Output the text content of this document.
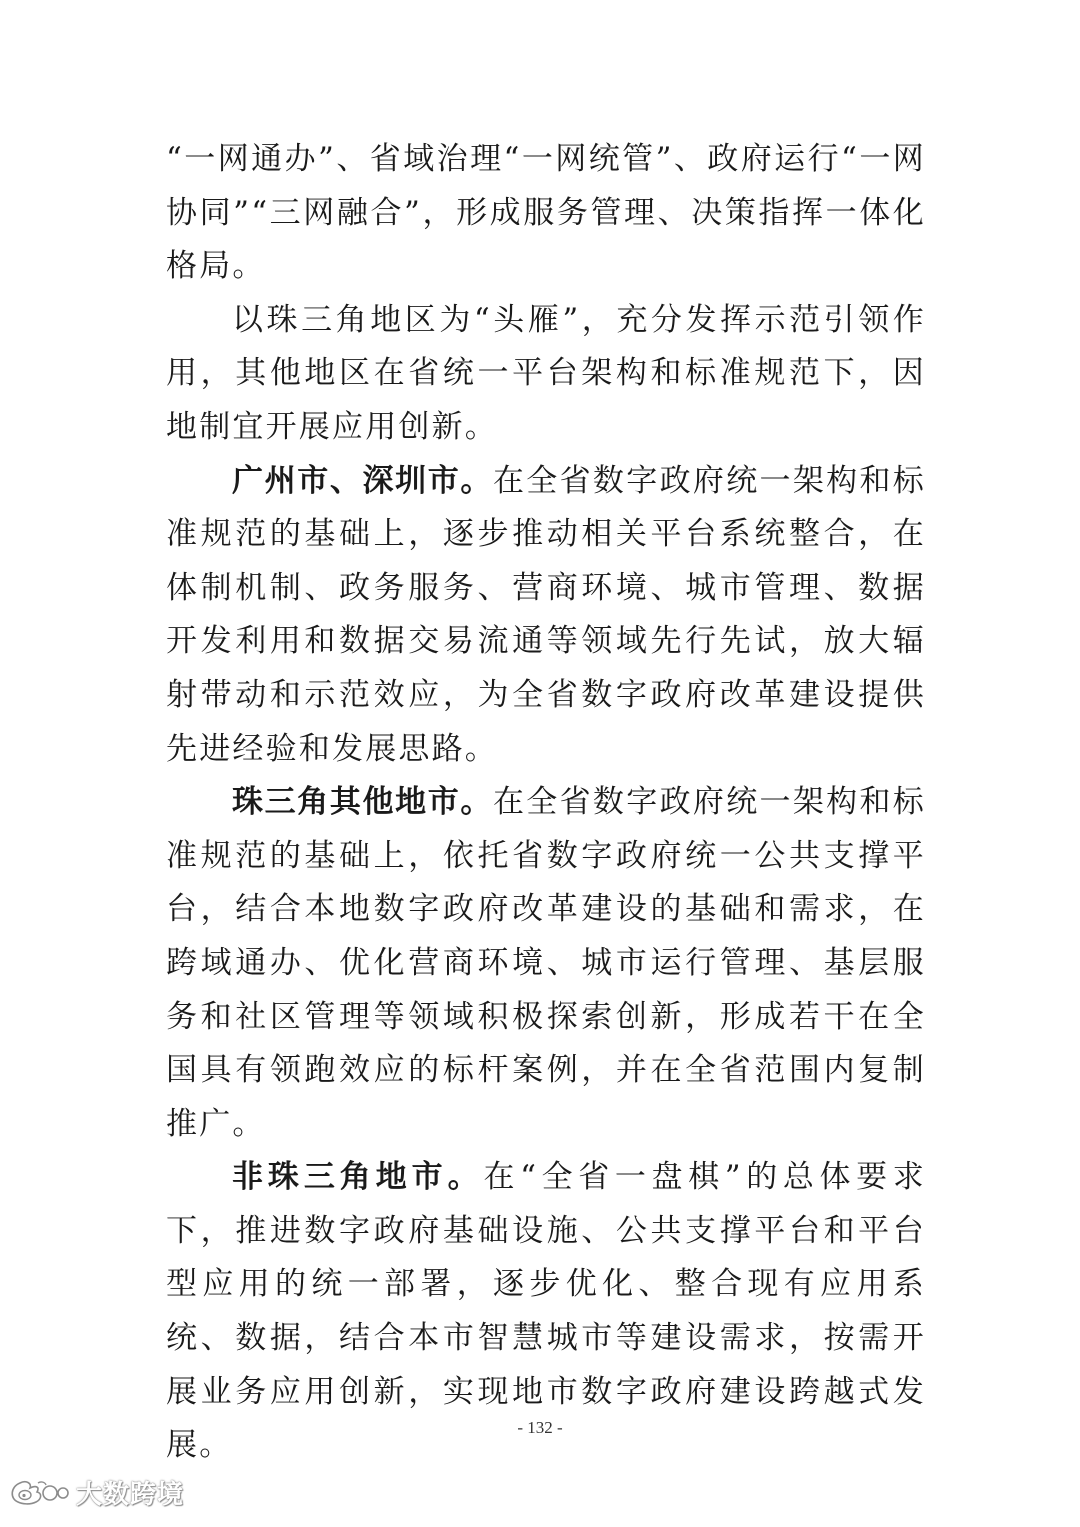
“一网通办”、省域治理“一网统管”、政府运行“一网协同”“三网融合”，形成服务管理、决策指挥一体化格局。

以珠三角地区为“头雁”，充分发挥示范引领作用，其他地区在省统一平台架构和标准规范下，因地制宜开展应用创新。

广州市、深圳市。在全省数字政府统一架构和标准规范的基础上，逐步推动相关平台系统整合，在体制机制、政务服务、营商环境、城市管理、数据开发利用和数据交易流通等领域先行先试，放大辐射带动和示范效应，为全省数字政府改革建设提供先进经验和发展思路。

珠三角其他地市。在全省数字政府统一架构和标准规范的基础上，依托省数字政府统一公共支撑平台，结合本地数字政府改革建设的基础和需求，在跨域通办、优化营商环境、城市运行管理、基层服务和社区管理等领域积极探索创新，形成若干在全国具有领跑效应的标杆案例，并在全省范围内复制推广。

非珠三角地市。在“全省一盘棋”的总体要求下，推进数字政府基础设施、公共支撑平台和平台型应用的统一部署，逐步优化、整合现有应用系统、数据，结合本市智慧城市等建设需求，按需开展业务应用创新，实现地市数字政府建设跨越式发展。	- 132 -
大数跨境
